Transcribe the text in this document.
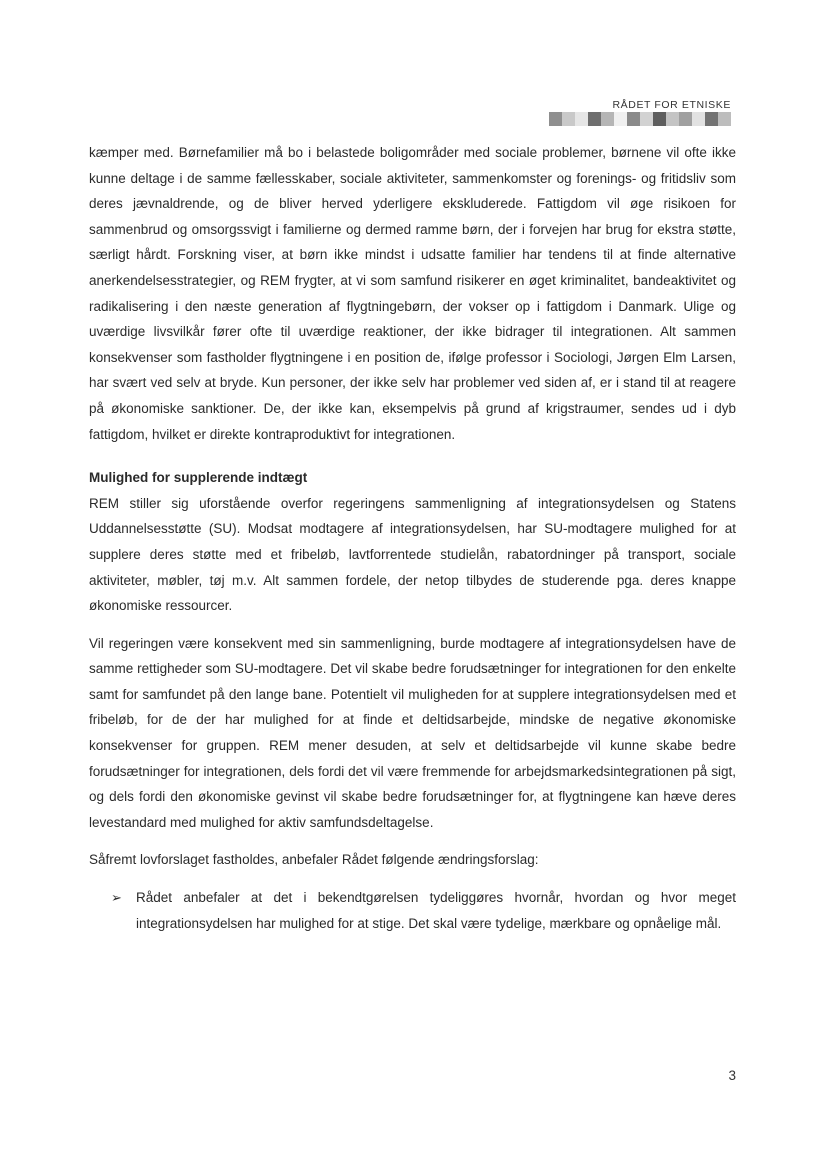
RÅDET FOR ETNISKE

kæmper med. Børnefamilier må bo i belastede boligområder med sociale problemer, børnene vil ofte ikke kunne deltage i de samme fællesskaber, sociale aktiviteter, sammenkomster og forenings- og fritidsliv som deres jævnaldrende, og de bliver herved yderligere ekskluderede. Fattigdom vil øge risikoen for sammenbrud og omsorgssvigt i familierne og dermed ramme børn, der i forvejen har brug for ekstra støtte, særligt hårdt. Forskning viser, at børn ikke mindst i udsatte familier har tendens til at finde alternative anerkendelsesstrategier, og REM frygter, at vi som samfund risikerer en øget kriminalitet, bandeaktivitet og radikalisering i den næste generation af flygtningebørn, der vokser op i fattigdom i Danmark. Ulige og uværdige livsvilkår fører ofte til uværdige reaktioner, der ikke bidrager til integrationen. Alt sammen konsekvenser som fastholder flygtningene i en position de, ifølge professor i Sociologi, Jørgen Elm Larsen, har svært ved selv at bryde. Kun personer, der ikke selv har problemer ved siden af, er i stand til at reagere på økonomiske sanktioner. De, der ikke kan, eksempelvis på grund af krigstraumer, sendes ud i dyb fattigdom, hvilket er direkte kontraproduktivt for integrationen.

Mulighed for supplerende indtægt

REM stiller sig uforstående overfor regeringens sammenligning af integrationsydelsen og Statens Uddannelsesstøtte (SU). Modsat modtagere af integrationsydelsen, har SU-modtagere mulighed for at supplere deres støtte med et fribeløb, lavtforrentede studielån, rabatordninger på transport, sociale aktiviteter, møbler, tøj m.v. Alt sammen fordele, der netop tilbydes de studerende pga. deres knappe økonomiske ressourcer.

Vil regeringen være konsekvent med sin sammenligning, burde modtagere af integrationsydelsen have de samme rettigheder som SU-modtagere. Det vil skabe bedre forudsætninger for integrationen for den enkelte samt for samfundet på den lange bane. Potentielt vil muligheden for at supplere integrationsydelsen med et fribeløb, for de der har mulighed for at finde et deltidsarbejde, mindske de negative økonomiske konsekvenser for gruppen. REM mener desuden, at selv et deltidsarbejde vil kunne skabe bedre forudsætninger for integrationen, dels fordi det vil være fremmende for arbejdsmarkedsintegrationen på sigt, og dels fordi den økonomiske gevinst vil skabe bedre forudsætninger for, at flygtningene kan hæve deres levestandard med mulighed for aktiv samfundsdeltagelse.

Såfremt lovforslaget fastholdes, anbefaler Rådet følgende ændringsforslag:

➢ Rådet anbefaler at det i bekendtgørelsen tydeliggøres hvornår, hvordan og hvor meget integrationsydelsen har mulighed for at stige. Det skal være tydelige, mærkbare og opnåelige mål.
3
